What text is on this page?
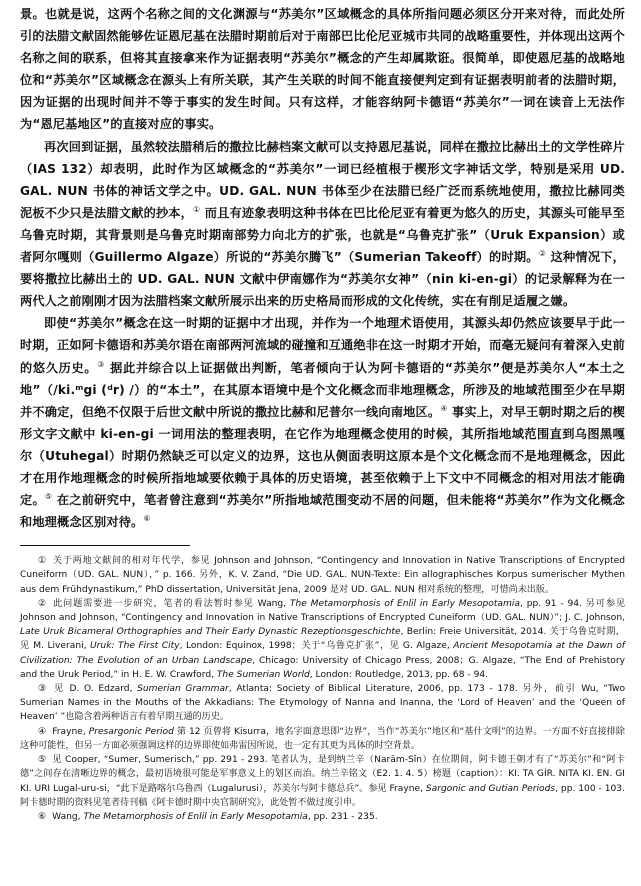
景。也就是说，这两个名称之间的文化渊源与“苏美尔”区域概念的具体所指问题必须区分开来对待，而此处所引的法腊文献固然能够佐证恩尼基在法腊时期前后对于南部巴比伦尼亚城市共同的战略重要性，并体现出这两个名称之间的联系，但将其直接拿来作为证据表明“苏美尔”概念的产生却属欺诳。很简单，即使恩尼基的战略地位和“苏美尔”区域概念在源头上有所关联，其产生关联的时间不能直接便判定到有证据表明前者的法腊时期，因为证据的出现时间并不等于事实的发生时间。只有这样，才能容纳阿卡德语“苏美尔”一词在读音上无法作为“恩尼基地区”的直接对应的事实。

再次回到证据，虽然较法腊稍后的撒拉比赫档案文献可以支持恩尼基说，同样在撒拉比赫出土的文学性碎片（IAS 132）却表明，此时作为区域概念的“苏美尔”一词已经植根于楔形文字神话文学，特别是采用 UD. GAL. NUN 书体的神话文学之中。UD. GAL. NUN 书体至少在法腊已经广泛而系统地使用，撒拉比赫同类泥板不少只是法腊文献的抄本，① 而且有迹象表明这种书体在巴比伦尼亚有着更为悠久的历史，其源头可能早至乌鲁克时期，其背景则是乌鲁克时期南部势力向北方的扩张，也就是“乌鲁克扩张”（Uruk Expansion）或者阿尔嘎则（Guillermo Algaze）所说的“苏美尔腾飞”（Sumerian Takeoff）的时期。② 这种情况下，要将撒拉比赫出土的 UD. GAL. NUN 文献中伊南娜作为“苏美尔女神”（nin ki-en-gi）的记录解释为在一两代人之前刚刚才因为法腊档案文献所展示出来的历史格局而形成的文化传统，实在有削足适履之嫌。

即使“苏美尔”概念在这一时期的证据中才出现，并作为一个地理术语使用，其源头却仍然应该要早于此一时期，正如阿卡德语和苏美尔语在南部两河流域的碰撞和互通绝非在这一时期才开始，而毫无疑问有着深入史前的悠久历史。③ 据此并综合以上证据做出判断，笔者倾向于认为阿卡德语的“苏美尔”便是苏美尔人“本土之地”（/ki.ᵐgi (ᵈr) /）的“本土”，在其原本语境中是个文化概念而非地理概念，所涉及的地域范围至少在早期并不确定，但绝不仅限于后世文献中所说的撒拉比赫和尼普尔一线向南地区。④ 事实上，对早王朝时期之后的楔形文字文献中 ki-en-gi 一词用法的整理表明，在它作为地理概念使用的时候，其所指地域范围直到乌图黑嘎尔（Utuhegal）时期仍然缺乏可以定义的边界，这也从侧面表明这原本是个文化概念而不是地理概念，因此才在用作地理概念的时候所指地域要依赖于具体的历史语境，甚至依赖于上下文中不同概念的相对用法才能确定。⑤ 在之前研究中，笔者曾注意到“苏美尔”所指地域范围变动不居的问题，但未能将“苏美尔”作为文化概念和地理概念区别对待。⑥

① 关于两地文献间的相对年代学，参见 Johnson and Johnson, “Contingency and Innovation in Native Transcriptions of Encrypted Cuneiform（UD. GAL. NUN），” p. 166. 另外，K. V. Zand, “Die UD. GAL. NUN-Texte: Ein allographisches Korpus sumerischer Mythen aus dem Frühdynastikum,” PhD dissertation, Universität Jena, 2009 是对 UD. GAL. NUN 相对系统的整理，可惜尚未出版。

② 此问题需要进一步研究，笔者的看法暂时参见 Wang, The Metamorphosis of Enlil in Early Mesopotamia, pp. 91 - 94. 另可参见 Johnson and Johnson, “Contingency and Innovation in Native Transcriptions of Encrypted Cuneiform（UD. GAL. NUN）”; J. C. Johnson, Late Uruk Bicameral Orthographies and Their Early Dynastic Rezeptionsgeschichte, Berlin: Freie Universität, 2014. 关于乌鲁克时期，见 M. Liverani, Uruk: The First City, London: Equinox, 1998；关于“乌鲁克扩张”，见 G. Algaze, Ancient Mesopotamia at the Dawn of Civilization: The Evolution of an Urban Landscape, Chicago: University of Chicago Press, 2008；G. Algaze, “The End of Prehistory and the Uruk Period,” in H. E. W. Crawford, The Sumerian World, London: Routledge, 2013, pp. 68 - 94.

③ 见 D. O. Edzard, Sumerian Grammar, Atlanta: Society of Biblical Literature, 2006, pp. 173 - 178. 另外，前引 Wu, “Two Sumerian Names in the Mouths of the Akkadians: The Etymology of Nanna and Inanna, the ‘Lord of Heaven’ and the ‘Queen of Heaven’ ”也隐含着两种语言有着早期互通的历史。

④ Frayne, Presargonic Period 第 12 页曾将 Kisurra，地名字面意思即“边界”，当作“苏美尔”地区和“基什文明”的边界。一方面不好直接排除这种可能性，但另一方面必须强调这样的边界即使如弗雷因所说，也一定有其更为具体的时空背景。

⑤ 见 Cooper, “Sumer, Sumerisch,” pp. 291 - 293. 笔者认为，是到纳兰辛（Narām-Sîn）在位期间，阿卡德王朝才有了“苏美尔”和“阿卡德”之间存在清晰边界的概念，最初语境很可能是军事意义上的划区而治。纳兰辛铭文（E2. 1. 4. 5）榜题（caption）：KI. TA GÍR. NITA KI. EN. GI KI. URI Lugal-uru-si，“此下是路喀尔乌鲁西（Lugalurusi），苏美尔与阿卡德总兵”。参见 Frayne, Sargonic and Gutian Periods, pp. 100 - 103. 阿卡德时期的资料见笔者待刊稿《阿卡德时期中央官制研究》，此处暂不做过度引申。

⑥ Wang, The Metamorphosis of Enlil in Early Mesopotamia, pp. 231 - 235.
